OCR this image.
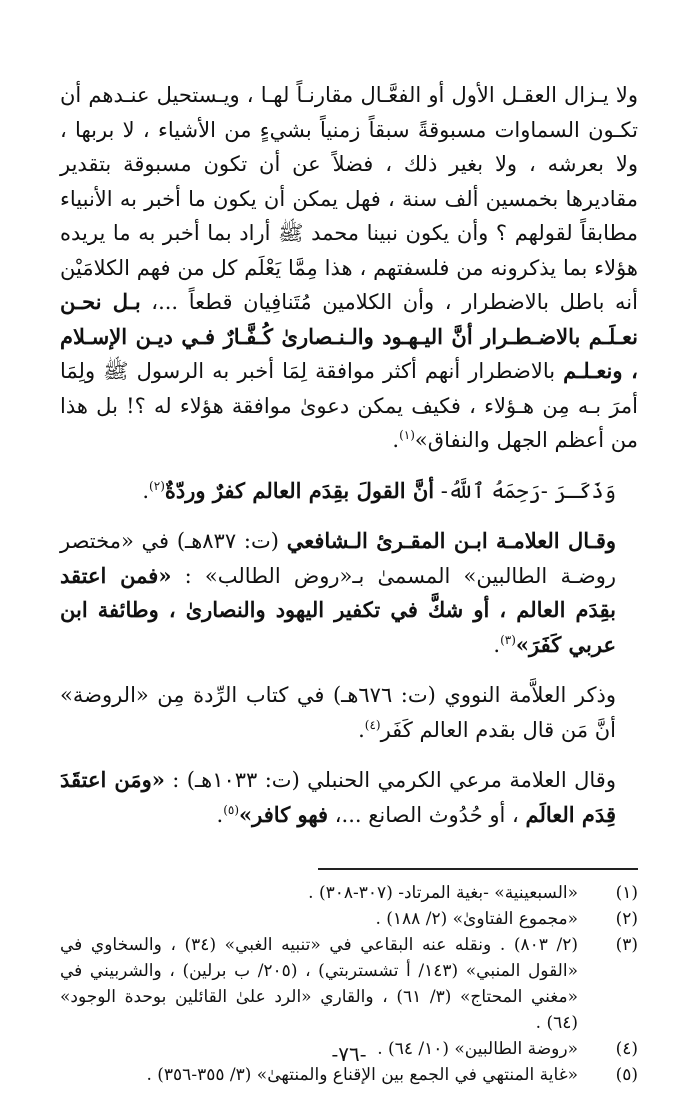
ولا يـزال العقـل الأول أو الفعَّـال مقارنـاً لهـا ، ويـستحيل عنـدهم أن تكـون السماوات مسبوقةً سبقاً زمنياً بشيءٍ من الأشياء ، لا بربها ، ولا بعرشه ، ولا بغير ذلك ، فضلاً عن أن تكون مسبوقة بتقدير مقاديرها بخمسين ألف سنة ، فهل يمكن أن يكون ما أخبر به الأنبياء مطابقاً لقولهم ؟ وأن يكون نبينا محمد ﷺ أراد بما أخبر به ما يريده هؤلاء بما يذكرونه من فلسفتهم ، هذا مِمَّا يَعْلَم كل من فهم الكلامَيْن أنه باطل بالاضطرار ، وأن الكلامين مُتَنافِيان قطعاً ...، بـل نحـن نعـلَـم بالاضـطـرار أنَّ اليـهـود والـنـصارىٰ كُـفَّـارٌ فـي ديـن الإسـلام ، ونعـلـم بالاضطرار أنهم أكثر موافقة لِمَا أخبر به الرسول ﷺ ولِمَا أمرَ بـه مِن هـؤلاء ، فكيف يمكن دعوىٰ موافقة هؤلاء له ؟! بل هذا من أعظم الجهل والنفاق»$^{(١)}$.

وَذَكَـرَ -رَحِمَهُ ٱللَّهُ- أنَّ القولَ بقِدَم العالم كفرٌ وردّةٌ$^{(٢)}$.

وقـال العلامـة ابـن المقـرئ الـشافعي (ت: ٨٣٧هـ) في «مختصر روضـة الطالبين» المسمىٰ بـ«روض الطالب» : «فمن اعتقد بقِدَم العالم ، أو شكَّ في تكفير اليهود والنصارىٰ ، وطائفة ابن عربي كَفَرَ»$^{(٣)}$.

وذكر العلاَّمة النووي (ت: ٦٧٦هـ) في كتاب الرِّدة مِن «الروضة» أنَّ مَن قال بقدم العالم كَفَر$^{(٤)}$.

وقال العلامة مرعي الكرمي الحنبلي (ت: ١٠٣٣هـ) : «ومَن اعتقَدَ قِدَم العالَم ، أو حُدُوث الصانع ...، فهو كافر»$^{(٥)}$.

(١)
«السبعينية» -بغية المرتاد- (٣٠٧-٣٠٨) .
(٢)
«مجموع الفتاوىٰ» (٢/ ١٨٨) .
(٣)
(٢/ ٨٠٣) . ونقله عنه البقاعي في «تنبيه الغبي» (٣٤) ، والسخاوي في «القول المنبي» (١٤٣/ أ تشستربتي) ، (٢٠٥/ ب برلين) ، والشربيني في «مغني المحتاج» (٣/ ٦١) ، والقاري «الرد علىٰ القائلين بوحدة الوجود» (٦٤) .
(٤)
«روضة الطالبين» (١٠/ ٦٤) .
(٥)
«غاية المنتهي في الجمع بين الإقناع والمنتهىٰ» (٣/ ٣٥٥-٣٥٦) .
-٧٦-
